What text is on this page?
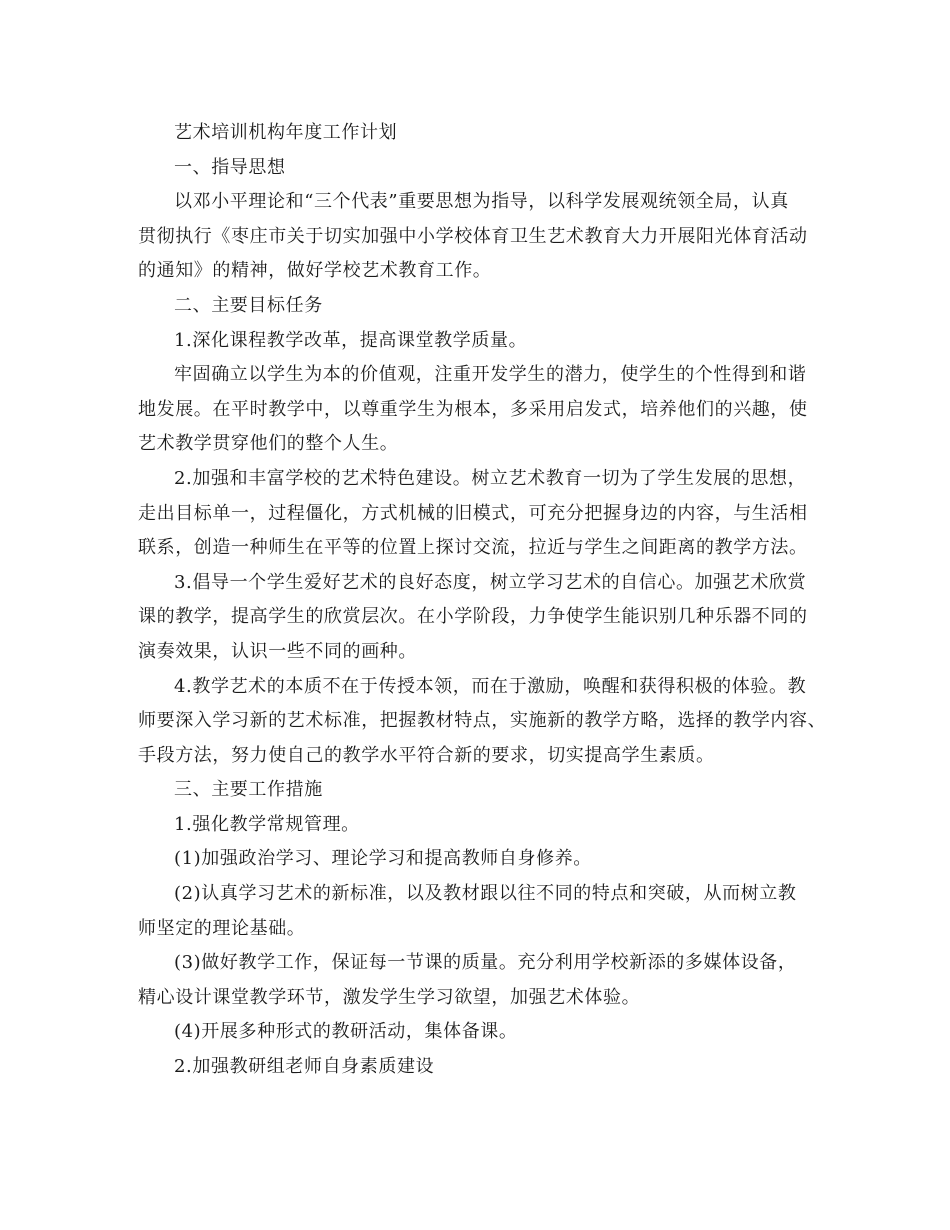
艺术培训机构年度工作计划
一、指导思想
以邓小平理论和“三个代表”重要思想为指导，以科学发展观统领全局，认真
贯彻执行《枣庄市关于切实加强中小学校体育卫生艺术教育大力开展阳光体育活动
的通知》的精神，做好学校艺术教育工作。
二、主要目标任务
1.深化课程教学改革，提高课堂教学质量。
牢固确立以学生为本的价值观，注重开发学生的潜力，使学生的个性得到和谐
地发展。在平时教学中，以尊重学生为根本，多采用启发式，培养他们的兴趣，使
艺术教学贯穿他们的整个人生。
2.加强和丰富学校的艺术特色建设。树立艺术教育一切为了学生发展的思想，
走出目标单一，过程僵化，方式机械的旧模式，可充分把握身边的内容，与生活相
联系，创造一种师生在平等的位置上探讨交流，拉近与学生之间距离的教学方法。
3.倡导一个学生爱好艺术的良好态度，树立学习艺术的自信心。加强艺术欣赏
课的教学，提高学生的欣赏层次。在小学阶段，力争使学生能识别几种乐器不同的
演奏效果，认识一些不同的画种。
4.教学艺术的本质不在于传授本领，而在于激励，唤醒和获得积极的体验。教
师要深入学习新的艺术标准，把握教材特点，实施新的教学方略，选择的教学内容、
手段方法，努力使自己的教学水平符合新的要求，切实提高学生素质。
三、主要工作措施
1.强化教学常规管理。
(1)加强政治学习、理论学习和提高教师自身修养。
(2)认真学习艺术的新标准，以及教材跟以往不同的特点和突破，从而树立教
师坚定的理论基础。
(3)做好教学工作，保证每一节课的质量。充分利用学校新添的多媒体设备，
精心设计课堂教学环节，激发学生学习欲望，加强艺术体验。
(4)开展多种形式的教研活动，集体备课。
2.加强教研组老师自身素质建设
